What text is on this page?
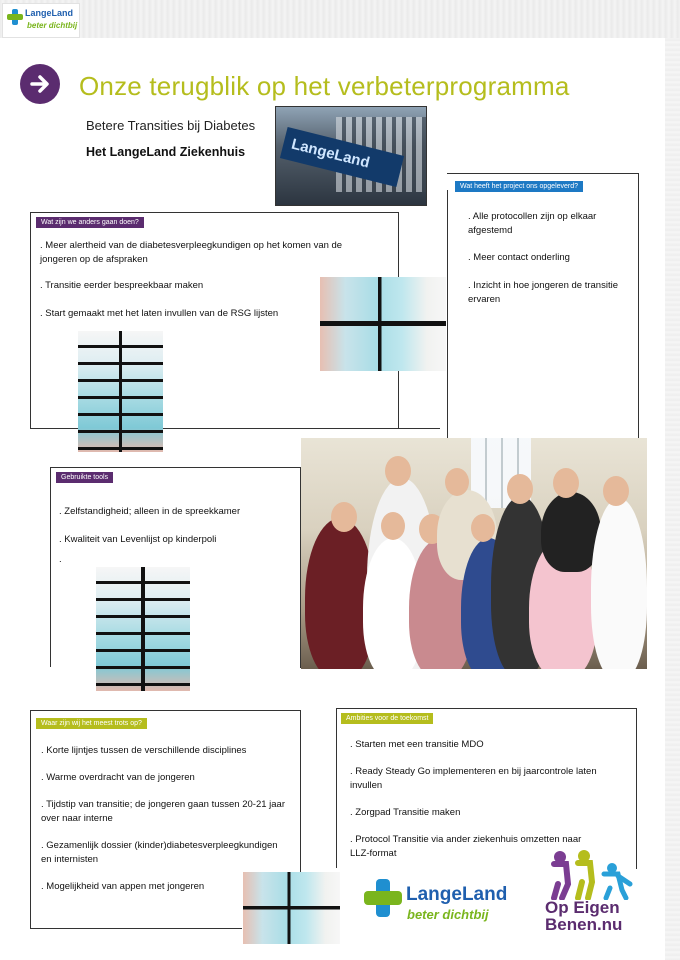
LangeLand
beter dichtbij
Onze terugblik op het verbeterprogramma
Betere Transities bij Diabetes
Het LangeLand Ziekenhuis	LangeLand
Wat zijn we anders gaan doen?
. Meer alertheid van de diabetesverpleegkundigen op het komen van de jongeren op de afspraken
. Transitie eerder bespreekbaar maken
. Start gemaakt met het laten invullen van de RSG lijsten
Wat heeft het project ons opgeleverd?
. Alle protocollen zijn op elkaar afgestemd
. Meer contact onderling
. Inzicht in hoe jongeren de transitie ervaren
Gebruikte tools
. Zelfstandigheid; alleen in de spreekkamer
. Kwaliteit van Levenlijst op kinderpoli
.
Waar zijn wij het meest trots op?
. Korte lijntjes tussen de verschillende disciplines
. Warme overdracht van de jongeren
. Tijdstip van transitie; de jongeren gaan tussen 20-21 jaar over naar interne
. Gezamenlijk dossier (kinder)diabetesverpleegkundigen en internisten
. Mogelijkheid van appen met jongeren
Ambities voor de toekomst
. Starten met een transitie MDO
. Ready Steady Go implementeren en bij jaarcontrole laten invullen
. Zorgpad Transitie maken
. Protocol Transitie via ander ziekenhuis omzetten naar LLZ-format
LangeLand
beter dichtbij	Op Eigen
Benen.nu
